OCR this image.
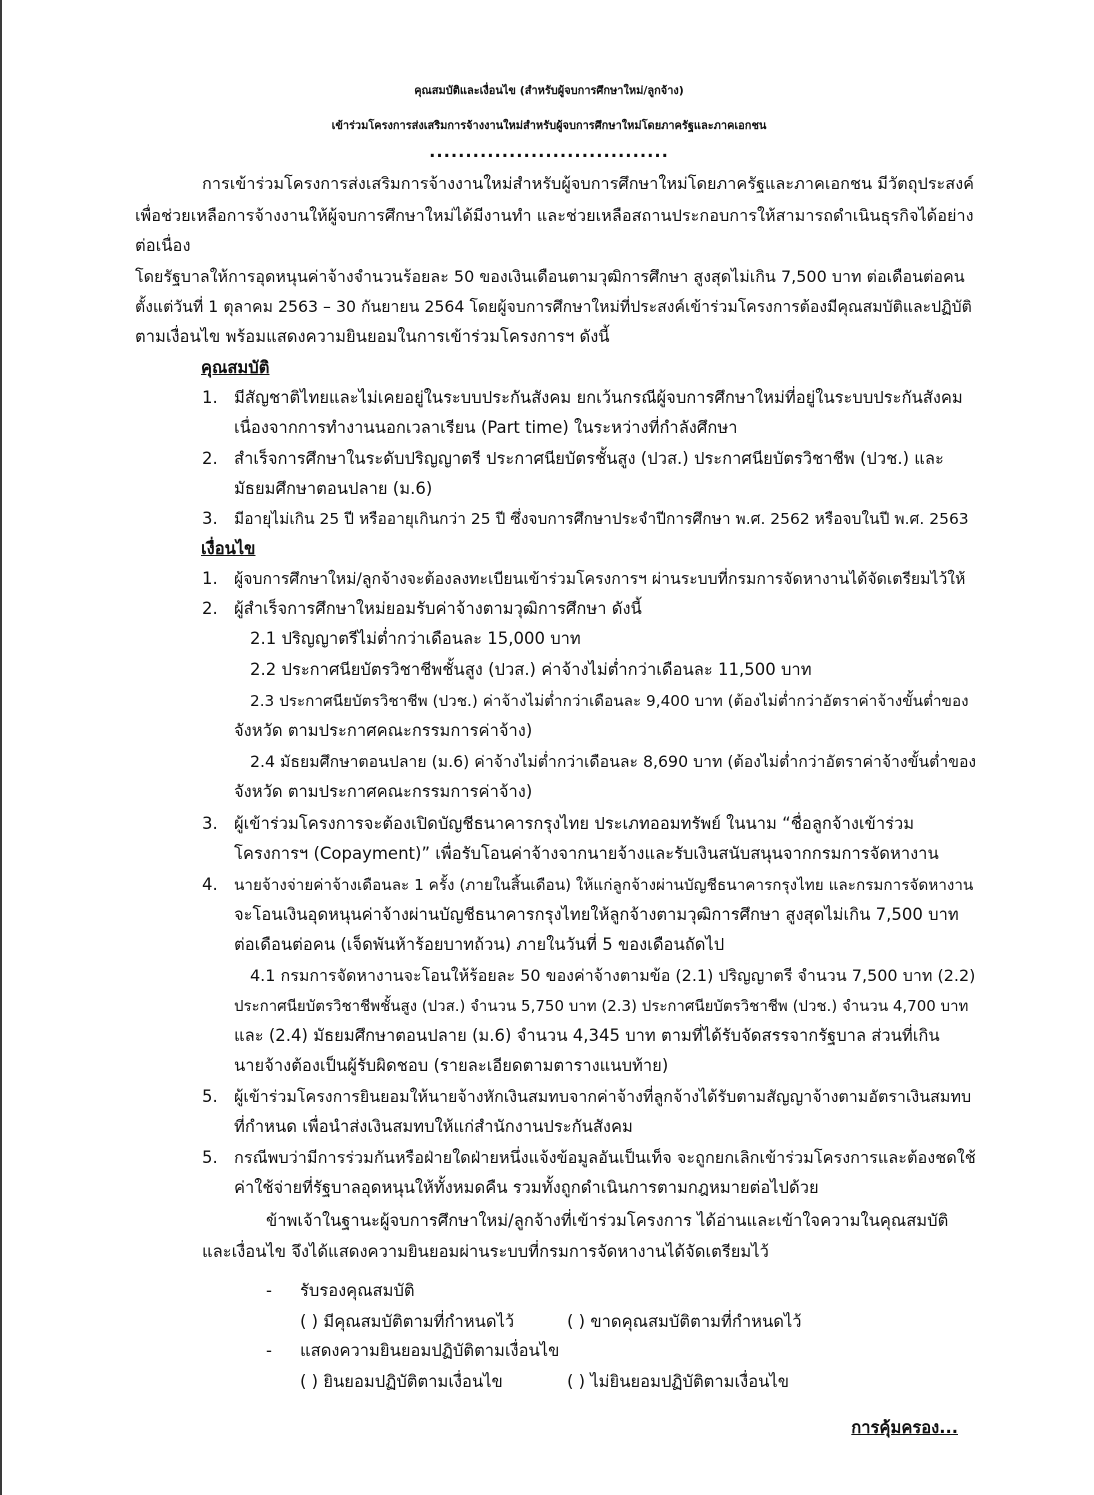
คุณสมบัติและเงื่อนไข (สำหรับผู้จบการศึกษาใหม่/ลูกจ้าง)
เข้าร่วมโครงการส่งเสริมการจ้างงานใหม่สำหรับผู้จบการศึกษาใหม่โดยภาครัฐและภาคเอกชน
.................................
การเข้าร่วมโครงการส่งเสริมการจ้างงานใหม่สำหรับผู้จบการศึกษาใหม่โดยภาครัฐและภาคเอกชน มีวัตถุประสงค์
เพื่อช่วยเหลือการจ้างงานให้ผู้จบการศึกษาใหม่ได้มีงานทำ และช่วยเหลือสถานประกอบการให้สามารถดำเนินธุรกิจได้อย่าง
ต่อเนื่อง
โดยรัฐบาลให้การอุดหนุนค่าจ้างจำนวนร้อยละ 50 ของเงินเดือนตามวุฒิการศึกษา สูงสุดไม่เกิน 7,500 บาท ต่อเดือนต่อคน
ตั้งแต่วันที่ 1 ตุลาคม 2563 – 30 กันยายน 2564 โดยผู้จบการศึกษาใหม่ที่ประสงค์เข้าร่วมโครงการต้องมีคุณสมบัติและปฏิบัติ
ตามเงื่อนไข พร้อมแสดงความยินยอมในการเข้าร่วมโครงการฯ ดังนี้
คุณสมบัติ
1. มีสัญชาติไทยและไม่เคยอยู่ในระบบประกันสังคม ยกเว้นกรณีผู้จบการศึกษาใหม่ที่อยู่ในระบบประกันสังคม
เนื่องจากการทำงานนอกเวลาเรียน (Part time) ในระหว่างที่กำลังศึกษา
2. สำเร็จการศึกษาในระดับปริญญาตรี ประกาศนียบัตรชั้นสูง (ปวส.) ประกาศนียบัตรวิชาชีพ (ปวช.) และ
มัธยมศึกษาตอนปลาย (ม.6)
3. มีอายุไม่เกิน 25 ปี หรืออายุเกินกว่า 25 ปี ซึ่งจบการศึกษาประจำปีการศึกษา พ.ศ. 2562 หรือจบในปี พ.ศ. 2563
เงื่อนไข
1. ผู้จบการศึกษาใหม่/ลูกจ้างจะต้องลงทะเบียนเข้าร่วมโครงการฯ ผ่านระบบที่กรมการจัดหางานได้จัดเตรียมไว้ให้
2. ผู้สำเร็จการศึกษาใหม่ยอมรับค่าจ้างตามวุฒิการศึกษา ดังนี้
2.1 ปริญญาตรีไม่ต่ำกว่าเดือนละ 15,000 บาท
2.2 ประกาศนียบัตรวิชาชีพชั้นสูง (ปวส.) ค่าจ้างไม่ต่ำกว่าเดือนละ 11,500 บาท
2.3 ประกาศนียบัตรวิชาชีพ (ปวช.) ค่าจ้างไม่ต่ำกว่าเดือนละ 9,400 บาท (ต้องไม่ต่ำกว่าอัตราค่าจ้างขั้นต่ำของ
จังหวัด ตามประกาศคณะกรรมการค่าจ้าง)
2.4 มัธยมศึกษาตอนปลาย (ม.6) ค่าจ้างไม่ต่ำกว่าเดือนละ 8,690 บาท (ต้องไม่ต่ำกว่าอัตราค่าจ้างขั้นต่ำของ
จังหวัด ตามประกาศคณะกรรมการค่าจ้าง)
3. ผู้เข้าร่วมโครงการจะต้องเปิดบัญชีธนาคารกรุงไทย ประเภทออมทรัพย์ ในนาม “ชื่อลูกจ้างเข้าร่วม
โครงการฯ (Copayment)” เพื่อรับโอนค่าจ้างจากนายจ้างและรับเงินสนับสนุนจากกรมการจัดหางาน
4. นายจ้างจ่ายค่าจ้างเดือนละ 1 ครั้ง (ภายในสิ้นเดือน) ให้แก่ลูกจ้างผ่านบัญชีธนาคารกรุงไทย และกรมการจัดหางาน
จะโอนเงินอุดหนุนค่าจ้างผ่านบัญชีธนาคารกรุงไทยให้ลูกจ้างตามวุฒิการศึกษา สูงสุดไม่เกิน 7,500 บาท
ต่อเดือนต่อคน (เจ็ดพันห้าร้อยบาทถ้วน) ภายในวันที่ 5 ของเดือนถัดไป
4.1 กรมการจัดหางานจะโอนให้ร้อยละ 50 ของค่าจ้างตามข้อ (2.1) ปริญญาตรี จำนวน 7,500 บาท (2.2)
ประกาศนียบัตรวิชาชีพชั้นสูง (ปวส.) จำนวน 5,750 บาท (2.3) ประกาศนียบัตรวิชาชีพ (ปวช.) จำนวน 4,700 บาท
และ (2.4) มัธยมศึกษาตอนปลาย (ม.6) จำนวน 4,345 บาท ตามที่ได้รับจัดสรรจากรัฐบาล ส่วนที่เกิน
นายจ้างต้องเป็นผู้รับผิดชอบ (รายละเอียดตามตารางแนบท้าย)
5. ผู้เข้าร่วมโครงการยินยอมให้นายจ้างหักเงินสมทบจากค่าจ้างที่ลูกจ้างได้รับตามสัญญาจ้างตามอัตราเงินสมทบ
ที่กำหนด เพื่อนำส่งเงินสมทบให้แก่สำนักงานประกันสังคม
5. กรณีพบว่ามีการร่วมกันหรือฝ่ายใดฝ่ายหนึ่งแจ้งข้อมูลอันเป็นเท็จ จะถูกยกเลิกเข้าร่วมโครงการและต้องชดใช้
ค่าใช้จ่ายที่รัฐบาลอุดหนุนให้ทั้งหมดคืน รวมทั้งถูกดำเนินการตามกฎหมายต่อไปด้วย
ข้าพเจ้าในฐานะผู้จบการศึกษาใหม่/ลูกจ้างที่เข้าร่วมโครงการ ได้อ่านและเข้าใจความในคุณสมบัติ
และเงื่อนไข จึงได้แสดงความยินยอมผ่านระบบที่กรมการจัดหางานได้จัดเตรียมไว้
- รับรองคุณสมบัติ
( ) มีคุณสมบัติตามที่กำหนดไว้	( ) ขาดคุณสมบัติตามที่กำหนดไว้
- แสดงความยินยอมปฏิบัติตามเงื่อนไข
( ) ยินยอมปฏิบัติตามเงื่อนไข	( ) ไม่ยินยอมปฏิบัติตามเงื่อนไข
การคุ้มครอง...
